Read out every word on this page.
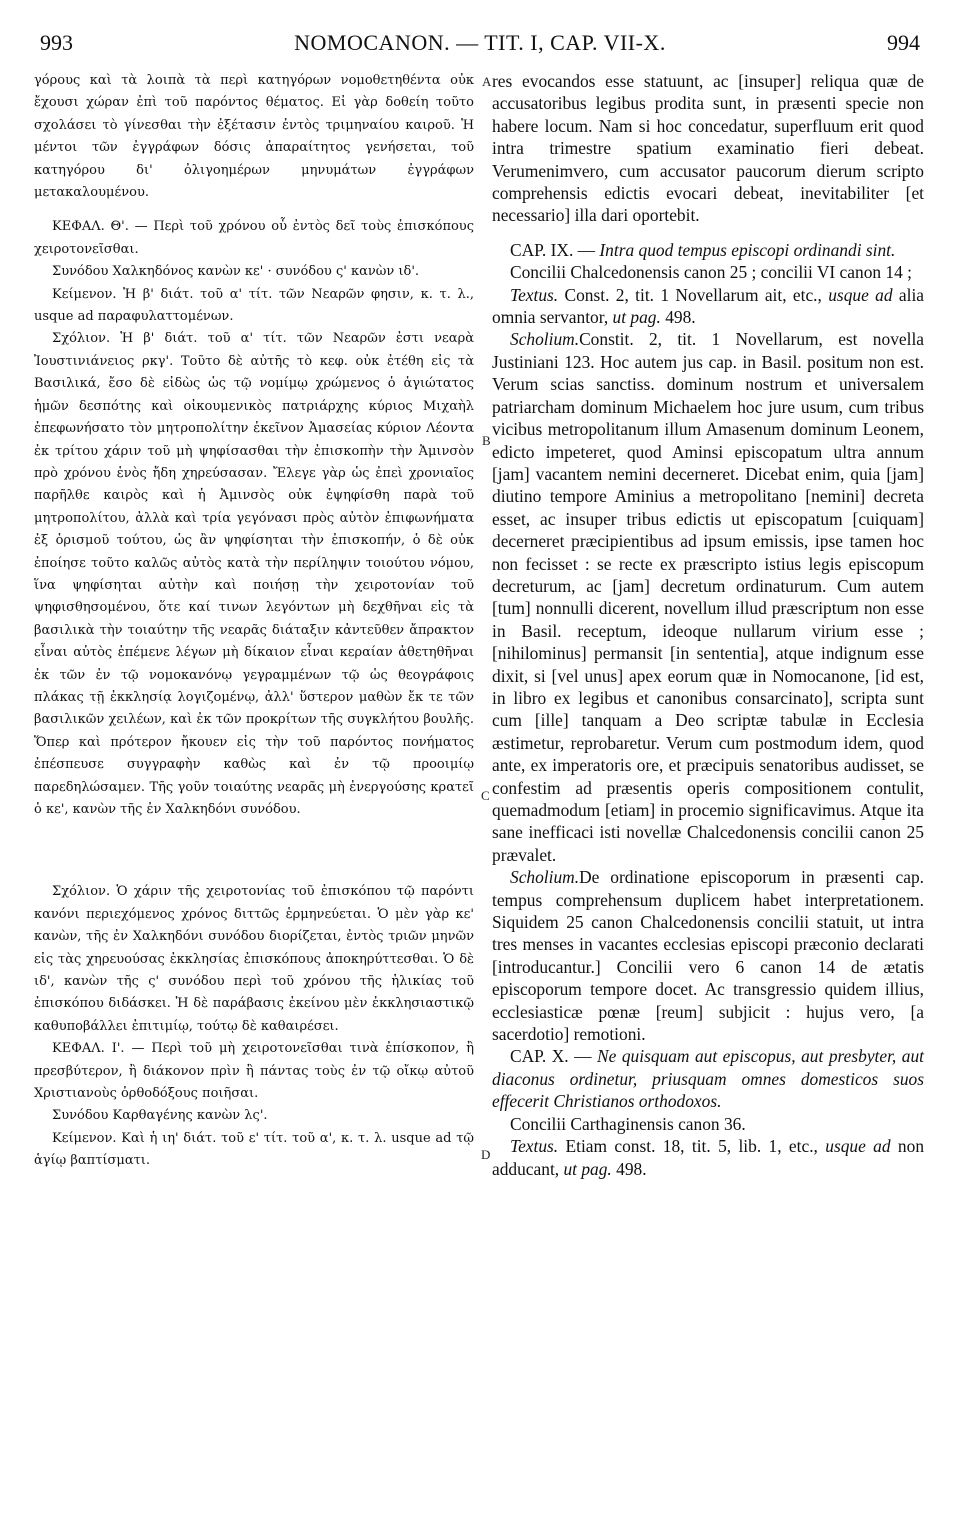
993	NOMOCANON. — TIT. I, CAP. VII-X.	994
A
B
C
D

γόρους καὶ τὰ λοιπὰ τὰ περὶ κατηγόρων νομοθετηθέντα οὐκ ἔχουσι χώραν ἐπὶ τοῦ παρόντος θέματος. Εἰ γὰρ δοθείη τοῦτο σχολάσει τὸ γίνεσθαι τὴν ἐξέτασιν ἐντὸς τριμηναίου καιροῦ. Ἡ μέντοι τῶν ἐγγράφων δόσις ἀπαραίτητος γενήσεται, τοῦ κατηγόρου δι' ὀλιγοημέρων μηνυμάτων ἐγγράφων μετακαλουμένου.

ΚΕΦΑΛ. Θ'. — Περὶ τοῦ χρόνου οὗ ἐντὸς δεῖ τοὺς ἐπισκόπους χειροτονεῖσθαι.

Συνόδου Χαλκηδόνος κανὼν κε' · συνόδου ς' κανὼν ιδ'.

Κείμενον. Ἡ β' διάτ. τοῦ α' τίτ. τῶν Νεαρῶν φησιν, κ. τ. λ., usque ad παραφυλαττομένων.

Σχόλιον. Ἡ β' διάτ. τοῦ α' τίτ. τῶν Νεαρῶν ἐστι νεαρὰ Ἰουστινιάνειος ρκγ'. Τοῦτο δὲ αὐτῆς τὸ κεφ. οὐκ ἐτέθη εἰς τὰ Βασιλικά, ἔσο δὲ εἰδὼς ὡς τῷ νομίμῳ χρώμενος ὁ ἁγιώτατος ἡμῶν δεσπότης καὶ οἰκουμενικὸς πατριάρχης κύριος Μιχαὴλ ἐπεφωνήσατο τὸν μητροπολίτην ἐκεῖνον Ἀμασείας κύριον Λέοντα ἐκ τρίτου χάριν τοῦ μὴ ψηφίσασθαι τὴν ἐπισκοπὴν τὴν Ἀμινσὸν πρὸ χρόνου ἑνὸς ἤδη χηρεύσασαν. Ἔλεγε γὰρ ὡς ἐπεὶ χρονιαῖος παρῆλθε καιρὸς καὶ ἡ Ἀμινσὸς οὐκ ἐψηφίσθη παρὰ τοῦ μητροπολίτου, ἀλλὰ καὶ τρία γεγόνασι πρὸς αὐτὸν ἐπιφωνήματα ἐξ ὁρισμοῦ τούτου, ὡς ἂν ψηφίσηται τὴν ἐπισκοπήν, ὁ δὲ οὐκ ἐποίησε τοῦτο καλῶς αὐτὸς κατὰ τὴν περίληψιν τοιούτου νόμου, ἵνα ψηφίσηται αὐτὴν καὶ ποιήσῃ τὴν χειροτονίαν τοῦ ψηφισθησομένου, ὅτε καί τινων λεγόντων μὴ δεχθῆναι εἰς τὰ βασιλικὰ τὴν τοιαύτην τῆς νεαρᾶς διάταξιν κἀντεῦθεν ἄπρακτον εἶναι αὐτὸς ἐπέμενε λέγων μὴ δίκαιον εἶναι κεραίαν ἀθετηθῆναι ἐκ τῶν ἐν τῷ νομοκανόνῳ γεγραμμένων τῷ ὡς θεογράφοις πλάκας τῇ ἐκκλησίᾳ λογιζομένῳ, ἀλλ' ὕστερον μαθὼν ἔκ τε τῶν βασιλικῶν χειλέων, καὶ ἐκ τῶν προκρίτων τῆς συγκλήτου βουλῆς. Ὅπερ καὶ πρότερον ἤκουεν εἰς τὴν τοῦ παρόντος πονήματος ἐπέσπευσε συγγραφὴν καθὼς καὶ ἐν τῷ προοιμίῳ παρεδηλώσαμεν. Τῆς γοῦν τοιαύτης νεαρᾶς μὴ ἐνεργούσης κρατεῖ ὁ κε', κανὼν τῆς ἐν Χαλκηδόνι συνόδου.

Σχόλιον. Ὁ χάριν τῆς χειροτονίας τοῦ ἐπισκόπου τῷ παρόντι κανόνι περιεχόμενος χρόνος διττῶς ἑρμηνεύεται. Ὁ μὲν γὰρ κε' κανὼν, τῆς ἐν Χαλκηδόνι συνόδου διορίζεται, ἐντὸς τριῶν μηνῶν εἰς τὰς χηρευούσας ἐκκλησίας ἐπισκόπους ἀποκηρύττεσθαι. Ὁ δὲ ιδ', κανὼν τῆς ς' συνόδου περὶ τοῦ χρόνου τῆς ἡλικίας τοῦ ἐπισκόπου διδάσκει. Ἡ δὲ παράβασις ἐκείνου μὲν ἐκκλησιαστικῷ καθυποβάλλει ἐπιτιμίῳ, τούτῳ δὲ καθαιρέσει.

ΚΕΦΑΛ. Ι'. — Περὶ τοῦ μὴ χειροτονεῖσθαι τινὰ ἐπίσκοπον, ἢ πρεσβύτερον, ἢ διάκονον πρὶν ἢ πάντας τοὺς ἐν τῷ οἴκῳ αὐτοῦ Χριστιανοὺς ὀρθοδόξους ποιῆσαι.

Συνόδου Καρθαγένης κανὼν λς'.

Κείμενον. Καὶ ἡ ιη' διάτ. τοῦ ε' τίτ. τοῦ α', κ. τ. λ. usque ad τῷ ἁγίῳ βαπτίσματι.

res evocandos esse statuunt, ac [insuper] reliqua quæ de accusatoribus legibus prodita sunt, in præsenti specie non habere locum. Nam si hoc concedatur, superfluum erit quod intra trimestre spatium examinatio fieri debeat. Verumenimvero, cum accusator paucorum dierum scripto comprehensis edictis evocari debeat, inevitabiliter [et necessario] illa dari oportebit.

CAP. IX. — Intra quod tempus episcopi ordinandi sint.

Concilii Chalcedonensis canon 25 ; concilii VI canon 14 ;

Textus. Const. 2, tit. 1 Novellarum ait, etc., usque ad alia omnia servantor, ut pag. 498.

Scholium.Constit. 2, tit. 1 Novellarum, est novella Justiniani 123. Hoc autem jus cap. in Basil. positum non est. Verum scias sanctiss. dominum nostrum et universalem patriarcham dominum Michaelem hoc jure usum, cum tribus vicibus metropolitanum illum Amasenum dominum Leonem, edicto impeteret, quod Aminsi episcopatum ultra annum [jam] vacantem nemini decerneret. Dicebat enim, quia [jam] diutino tempore Aminius a metropolitano [nemini] decreta esset, ac insuper tribus edictis ut episcopatum [cuiquam] decerneret præcipientibus ad ipsum emissis, ipse tamen hoc non fecisset : se recte ex præscripto istius legis episcopum decreturum, ac [jam] decretum ordinaturum. Cum autem [tum] nonnulli dicerent, novellum illud præscriptum non esse in Basil. receptum, ideoque nullarum virium esse ; [nihilominus] permansit [in sententia], atque indignum esse dixit, si [vel unus] apex eorum quæ in Nomocanone, [id est, in libro ex legibus et canonibus consarcinato], scripta sunt cum [ille] tanquam a Deo scriptæ tabulæ in Ecclesia æstimetur, reprobaretur. Verum cum postmodum idem, quod ante, ex imperatoris ore, et præcipuis senatoribus audisset, se confestim ad præsentis operis compositionem contulit, quemadmodum [etiam] in procemio significavimus. Atque ita sane inefficaci isti novellæ Chalcedonensis concilii canon 25 prævalet.

Scholium.De ordinatione episcoporum in præsenti cap. tempus comprehensum duplicem habet interpretationem. Siquidem 25 canon Chalcedonensis concilii statuit, ut intra tres menses in vacantes ecclesias episcopi præconio declarati [introducantur.] Concilii vero 6 canon 14 de ætatis episcoporum tempore docet. Ac transgressio quidem illius, ecclesiasticæ pœnæ [reum] subjicit : hujus vero, [a sacerdotio] remotioni.

CAP. X. — Ne quisquam aut episcopus, aut presbyter, aut diaconus ordinetur, priusquam omnes domesticos suos effecerit Christianos orthodoxos.

Concilii Carthaginensis canon 36.

Textus. Etiam const. 18, tit. 5, lib. 1, etc., usque ad non adducant, ut pag. 498.
